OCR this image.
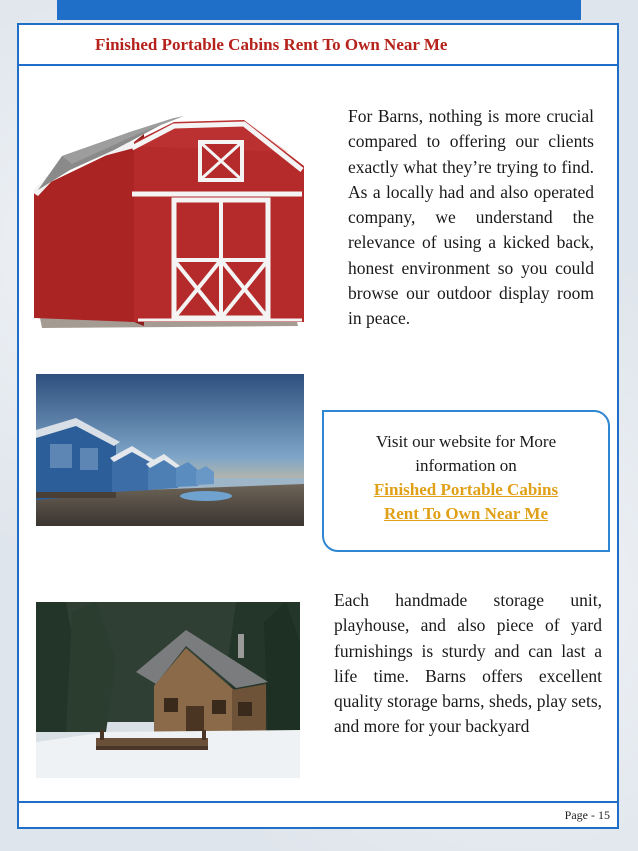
Finished Portable Cabins Rent To Own Near Me

For Barns, nothing is more crucial compared to offering our clients exactly what they’re trying to find. As a locally had and also operated company, we understand the relevance of using a kicked back, honest environment so you could browse our outdoor display room in peace.

Visit our website for More
information on
Finished Portable Cabins
Rent To Own Near Me

Each handmade storage unit, playhouse, and also piece of yard furnishings is sturdy and can last a life time. Barns offers excellent quality storage barns, sheds, play sets, and more for your backyard

Page - 15
